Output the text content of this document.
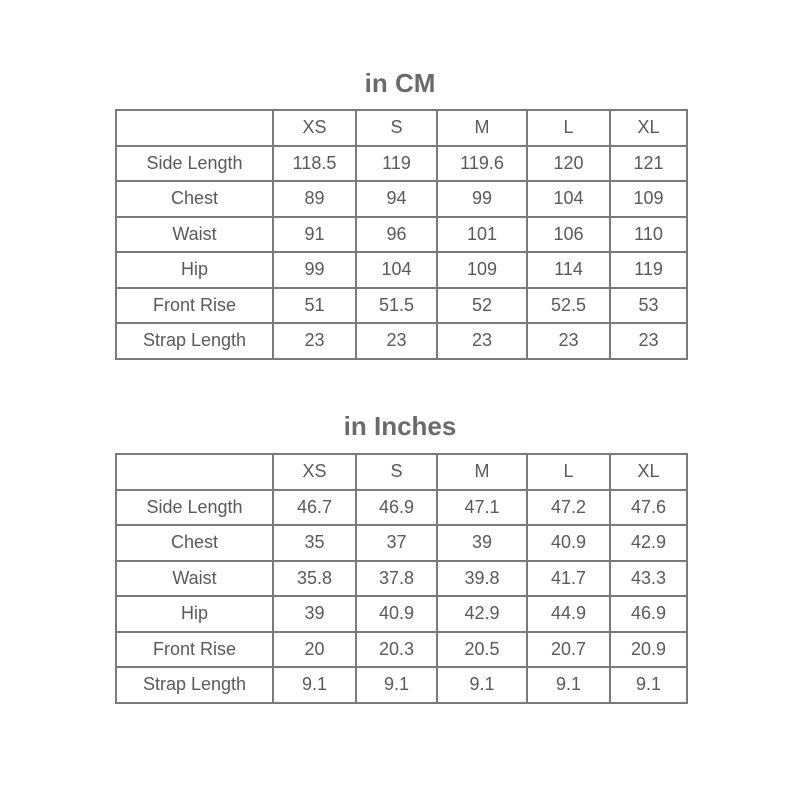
in CM
	XS	S	M	L	XL
Side Length	118.5	119	119.6	120	121
Chest	89	94	99	104	109
Waist	91	96	101	106	110
Hip	99	104	109	114	119
Front Rise	51	51.5	52	52.5	53
Strap Length	23	23	23	23	23
in Inches
	XS	S	M	L	XL
Side Length	46.7	46.9	47.1	47.2	47.6
Chest	35	37	39	40.9	42.9
Waist	35.8	37.8	39.8	41.7	43.3
Hip	39	40.9	42.9	44.9	46.9
Front Rise	20	20.3	20.5	20.7	20.9
Strap Length	9.1	9.1	9.1	9.1	9.1
